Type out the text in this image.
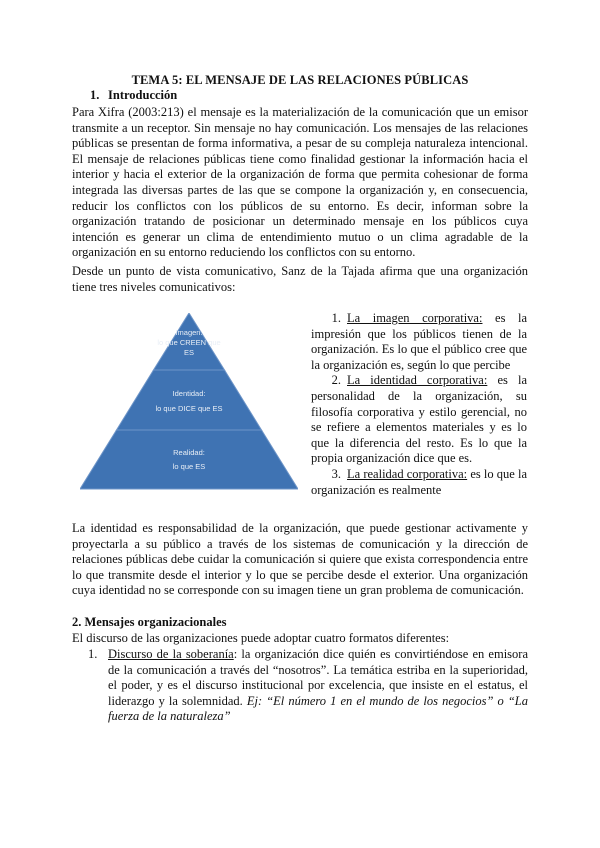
TEMA 5: EL MENSAJE DE LAS RELACIONES PÚBLICAS
1. Introducción
Para Xifra (2003:213) el mensaje es la materialización de la comunicación que un emisor transmite a un receptor. Sin mensaje no hay comunicación. Los mensajes de las relaciones públicas se presentan de forma informativa, a pesar de su compleja naturaleza intencional. El mensaje de relaciones públicas tiene como finalidad gestionar la información hacia el interior y hacia el exterior de la organización de forma que permita cohesionar de forma integrada las diversas partes de las que se compone la organización y, en consecuencia, reducir los conflictos con los públicos de su entorno. Es decir, informan sobre la organización tratando de posicionar un determinado mensaje en los públicos cuya intención es generar un clima de entendimiento mutuo o un clima agradable de la organización en su entorno reduciendo los conflictos con su entorno.
Desde un punto de vista comunicativo, Sanz de la Tajada afirma que una organización tiene tres niveles comunicativos:
Imagen:
lo que CREEN que
ES
Identidad:
lo que DICE que ES
Realidad:
lo que ES

1. La imagen corporativa: es la impresión que los públicos tienen de la organización. Es lo que el público cree que la organización es, según lo que percibe

2. La identidad corporativa: es la personalidad de la organización, su filosofía corporativa y estilo gerencial, no se refiere a elementos materiales y es lo que la diferencia del resto. Es lo que la propia organización dice que es.

3. La realidad corporativa: es lo que la organización es realmente

La identidad es responsabilidad de la organización, que puede gestionar activamente y proyectarla a su público a través de los sistemas de comunicación y la dirección de relaciones públicas debe cuidar la comunicación si quiere que exista correspondencia entre lo que transmite desde el interior y lo que se percibe desde el exterior. Una organización cuya identidad no se corresponde con su imagen tiene un gran problema de comunicación.
2. Mensajes organizacionales
El discurso de las organizaciones puede adoptar cuatro formatos diferentes:
1. Discurso de la soberanía: la organización dice quién es convirtiéndose en emisora de la comunicación a través del “nosotros”. La temática estriba en la superioridad, el poder, y es el discurso institucional por excelencia, que insiste en el estatus, el liderazgo y la solemnidad. Ej: “El número 1 en el mundo de los negocios” o “La fuerza de la naturaleza”
